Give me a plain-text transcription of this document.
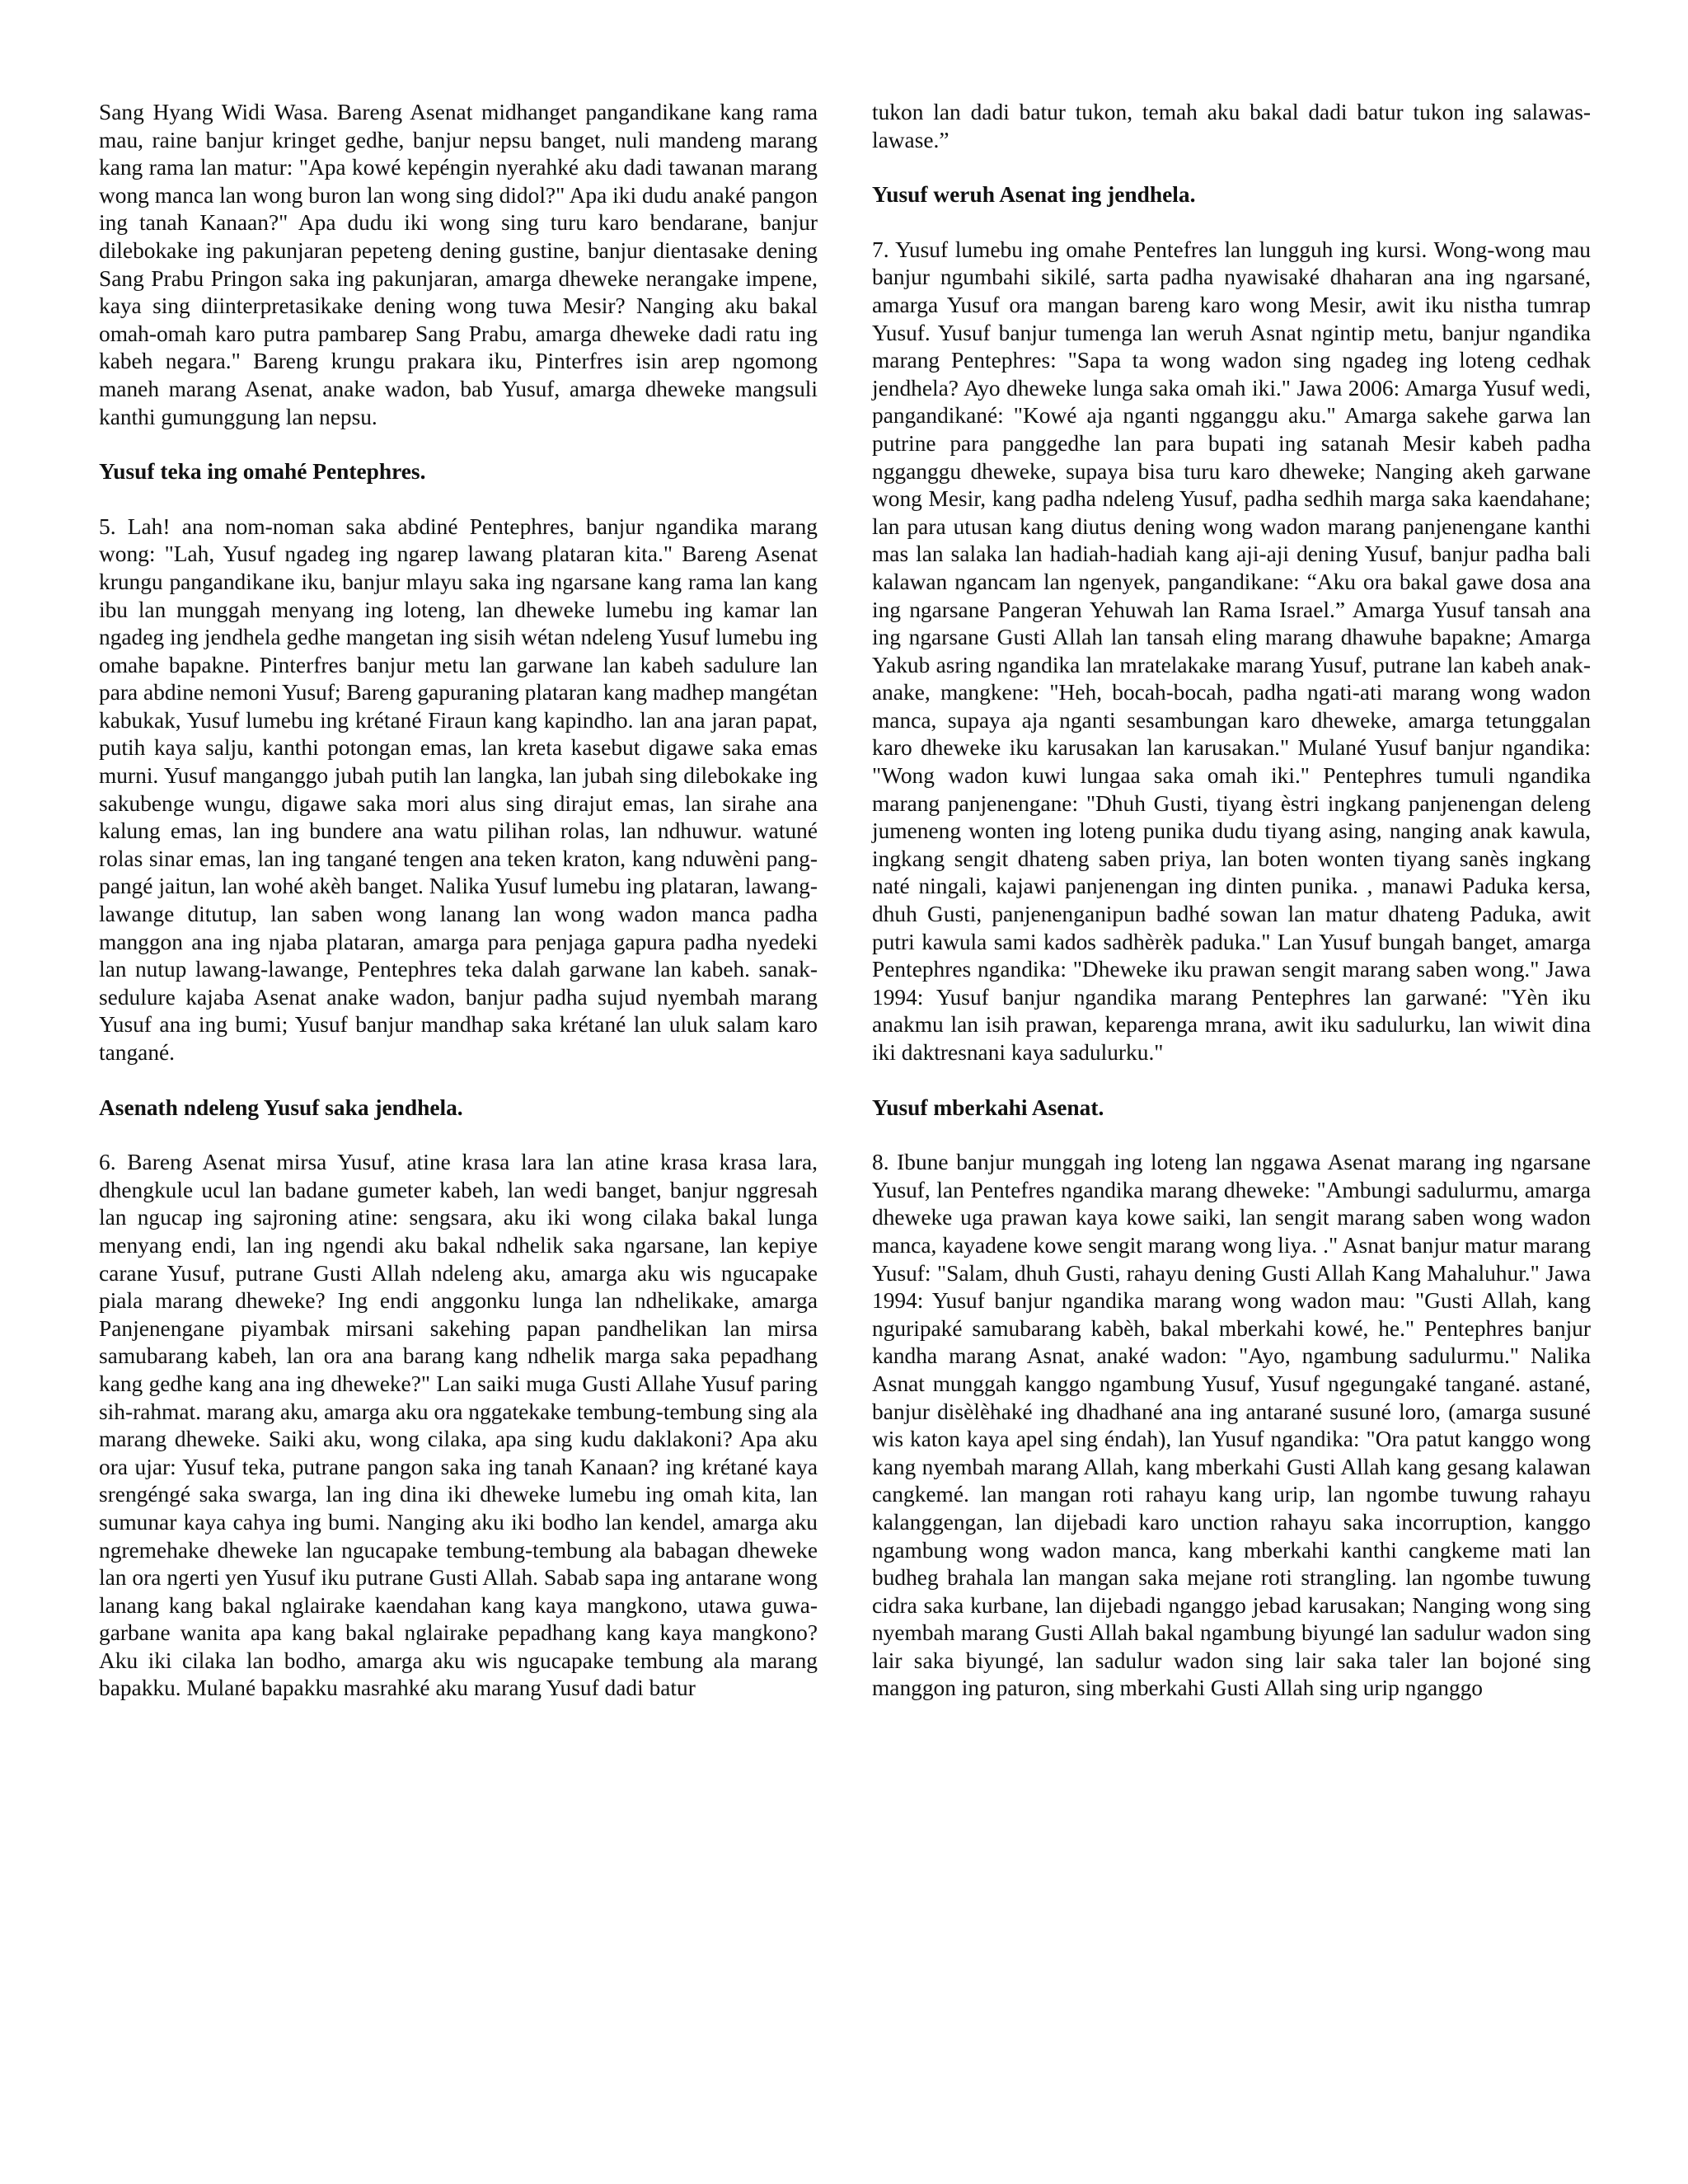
Sang Hyang Widi Wasa. Bareng Asenat midhanget pangandikane kang rama mau, raine banjur kringet gedhe, banjur nepsu banget, nuli mandeng marang kang rama lan matur: "Apa kowé kepéngin nyerahké aku dadi tawanan marang wong manca lan wong buron lan wong sing didol?" Apa iki dudu anaké pangon ing tanah Kanaan?" Apa dudu iki wong sing turu karo bendarane, banjur dilebokake ing pakunjaran pepeteng dening gustine, banjur dientasake dening Sang Prabu Pringon saka ing pakunjaran, amarga dheweke nerangake impene, kaya sing diinterpretasikake dening wong tuwa Mesir? Nanging aku bakal omah-omah karo putra pambarep Sang Prabu, amarga dheweke dadi ratu ing kabeh negara." Bareng krungu prakara iku, Pinterfres isin arep ngomong maneh marang Asenat, anake wadon, bab Yusuf, amarga dheweke mangsuli kanthi gumunggung lan nepsu.

Yusuf teka ing omahé Pentephres.

5. Lah! ana nom-noman saka abdiné Pentephres, banjur ngandika marang wong: "Lah, Yusuf ngadeg ing ngarep lawang plataran kita." Bareng Asenat krungu pangandikane iku, banjur mlayu saka ing ngarsane kang rama lan kang ibu lan munggah menyang ing loteng, lan dheweke lumebu ing kamar lan ngadeg ing jendhela gedhe mangetan ing sisih wétan ndeleng Yusuf lumebu ing omahe bapakne. Pinterfres banjur metu lan garwane lan kabeh sadulure lan para abdine nemoni Yusuf; Bareng gapuraning plataran kang madhep mangétan kabukak, Yusuf lumebu ing krétané Firaun kang kapindho. lan ana jaran papat, putih kaya salju, kanthi potongan emas, lan kreta kasebut digawe saka emas murni. Yusuf manganggo jubah putih lan langka, lan jubah sing dilebokake ing sakubenge wungu, digawe saka mori alus sing dirajut emas, lan sirahe ana kalung emas, lan ing bundere ana watu pilihan rolas, lan ndhuwur. watuné rolas sinar emas, lan ing tangané tengen ana teken kraton, kang nduwèni pang-pangé jaitun, lan wohé akèh banget. Nalika Yusuf lumebu ing plataran, lawang-lawange ditutup, lan saben wong lanang lan wong wadon manca padha manggon ana ing njaba plataran, amarga para penjaga gapura padha nyedeki lan nutup lawang-lawange, Pentephres teka dalah garwane lan kabeh. sanak-sedulure kajaba Asenat anake wadon, banjur padha sujud nyembah marang Yusuf ana ing bumi; Yusuf banjur mandhap saka krétané lan uluk salam karo tangané.

Asenath ndeleng Yusuf saka jendhela.

6. Bareng Asenat mirsa Yusuf, atine krasa lara lan atine krasa krasa lara, dhengkule ucul lan badane gumeter kabeh, lan wedi banget, banjur nggresah lan ngucap ing sajroning atine: sengsara, aku iki wong cilaka bakal lunga menyang endi, lan ing ngendi aku bakal ndhelik saka ngarsane, lan kepiye carane Yusuf, putrane Gusti Allah ndeleng aku, amarga aku wis ngucapake piala marang dheweke? Ing endi anggonku lunga lan ndhelikake, amarga Panjenengane piyambak mirsani sakehing papan pandhelikan lan mirsa samubarang kabeh, lan ora ana barang kang ndhelik marga saka pepadhang kang gedhe kang ana ing dheweke?" Lan saiki muga Gusti Allahe Yusuf paring sih-rahmat. marang aku, amarga aku ora nggatekake tembung-tembung sing ala marang dheweke. Saiki aku, wong cilaka, apa sing kudu daklakoni? Apa aku ora ujar: Yusuf teka, putrane pangon saka ing tanah Kanaan? ing krétané kaya srengéngé saka swarga, lan ing dina iki dheweke lumebu ing omah kita, lan sumunar kaya cahya ing bumi. Nanging aku iki bodho lan kendel, amarga aku ngremehake dheweke lan ngucapake tembung-tembung ala babagan dheweke lan ora ngerti yen Yusuf iku putrane Gusti Allah. Sabab sapa ing antarane wong lanang kang bakal nglairake kaendahan kang kaya mangkono, utawa guwa-garbane wanita apa kang bakal nglairake pepadhang kang kaya mangkono? Aku iki cilaka lan bodho, amarga aku wis ngucapake tembung ala marang bapakku. Mulané bapakku masrahké aku marang Yusuf dadi batur

tukon lan dadi batur tukon, temah aku bakal dadi batur tukon ing salawas-lawase.”

Yusuf weruh Asenat ing jendhela.

7. Yusuf lumebu ing omahe Pentefres lan lungguh ing kursi. Wong-wong mau banjur ngumbahi sikilé, sarta padha nyawisaké dhaharan ana ing ngarsané, amarga Yusuf ora mangan bareng karo wong Mesir, awit iku nistha tumrap Yusuf. Yusuf banjur tumenga lan weruh Asnat ngintip metu, banjur ngandika marang Pentephres: "Sapa ta wong wadon sing ngadeg ing loteng cedhak jendhela? Ayo dheweke lunga saka omah iki." Jawa 2006: Amarga Yusuf wedi, pangandikané: "Kowé aja nganti ngganggu aku." Amarga sakehe garwa lan putrine para panggedhe lan para bupati ing satanah Mesir kabeh padha ngganggu dheweke, supaya bisa turu karo dheweke; Nanging akeh garwane wong Mesir, kang padha ndeleng Yusuf, padha sedhih marga saka kaendahane; lan para utusan kang diutus dening wong wadon marang panjenengane kanthi mas lan salaka lan hadiah-hadiah kang aji-aji dening Yusuf, banjur padha bali kalawan ngancam lan ngenyek, pangandikane: “Aku ora bakal gawe dosa ana ing ngarsane Pangeran Yehuwah lan Rama Israel.” Amarga Yusuf tansah ana ing ngarsane Gusti Allah lan tansah eling marang dhawuhe bapakne; Amarga Yakub asring ngandika lan mratelakake marang Yusuf, putrane lan kabeh anak-anake, mangkene: "Heh, bocah-bocah, padha ngati-ati marang wong wadon manca, supaya aja nganti sesambungan karo dheweke, amarga tetunggalan karo dheweke iku karusakan lan karusakan." Mulané Yusuf banjur ngandika: "Wong wadon kuwi lungaa saka omah iki." Pentephres tumuli ngandika marang panjenengane: "Dhuh Gusti, tiyang èstri ingkang panjenengan deleng jumeneng wonten ing loteng punika dudu tiyang asing, nanging anak kawula, ingkang sengit dhateng saben priya, lan boten wonten tiyang sanès ingkang naté ningali, kajawi panjenengan ing dinten punika. , manawi Paduka kersa, dhuh Gusti, panjenenganipun badhé sowan lan matur dhateng Paduka, awit putri kawula sami kados sadhèrèk paduka." Lan Yusuf bungah banget, amarga Pentephres ngandika: "Dheweke iku prawan sengit marang saben wong." Jawa 1994: Yusuf banjur ngandika marang Pentephres lan garwané: "Yèn iku anakmu lan isih prawan, keparenga mrana, awit iku sadulurku, lan wiwit dina iki daktresnani kaya sadulurku."

Yusuf mberkahi Asenat.

8. Ibune banjur munggah ing loteng lan nggawa Asenat marang ing ngarsane Yusuf, lan Pentefres ngandika marang dheweke: "Ambungi sadulurmu, amarga dheweke uga prawan kaya kowe saiki, lan sengit marang saben wong wadon manca, kayadene kowe sengit marang wong liya. ." Asnat banjur matur marang Yusuf: "Salam, dhuh Gusti, rahayu dening Gusti Allah Kang Mahaluhur." Jawa 1994: Yusuf banjur ngandika marang wong wadon mau: "Gusti Allah, kang nguripaké samubarang kabèh, bakal mberkahi kowé, he." Pentephres banjur kandha marang Asnat, anaké wadon: "Ayo, ngambung sadulurmu." Nalika Asnat munggah kanggo ngambung Yusuf, Yusuf ngegungaké tangané. astané, banjur disèlèhaké ing dhadhané ana ing antarané susuné loro, (amarga susuné wis katon kaya apel sing éndah), lan Yusuf ngandika: "Ora patut kanggo wong kang nyembah marang Allah, kang mberkahi Gusti Allah kang gesang kalawan cangkemé. lan mangan roti rahayu kang urip, lan ngombe tuwung rahayu kalanggengan, lan dijebadi karo unction rahayu saka incorruption, kanggo ngambung wong wadon manca, kang mberkahi kanthi cangkeme mati lan budheg brahala lan mangan saka mejane roti strangling. lan ngombe tuwung cidra saka kurbane, lan dijebadi nganggo jebad karusakan; Nanging wong sing nyembah marang Gusti Allah bakal ngambung biyungé lan sadulur wadon sing lair saka biyungé, lan sadulur wadon sing lair saka taler lan bojoné sing manggon ing paturon, sing mberkahi Gusti Allah sing urip nganggo
